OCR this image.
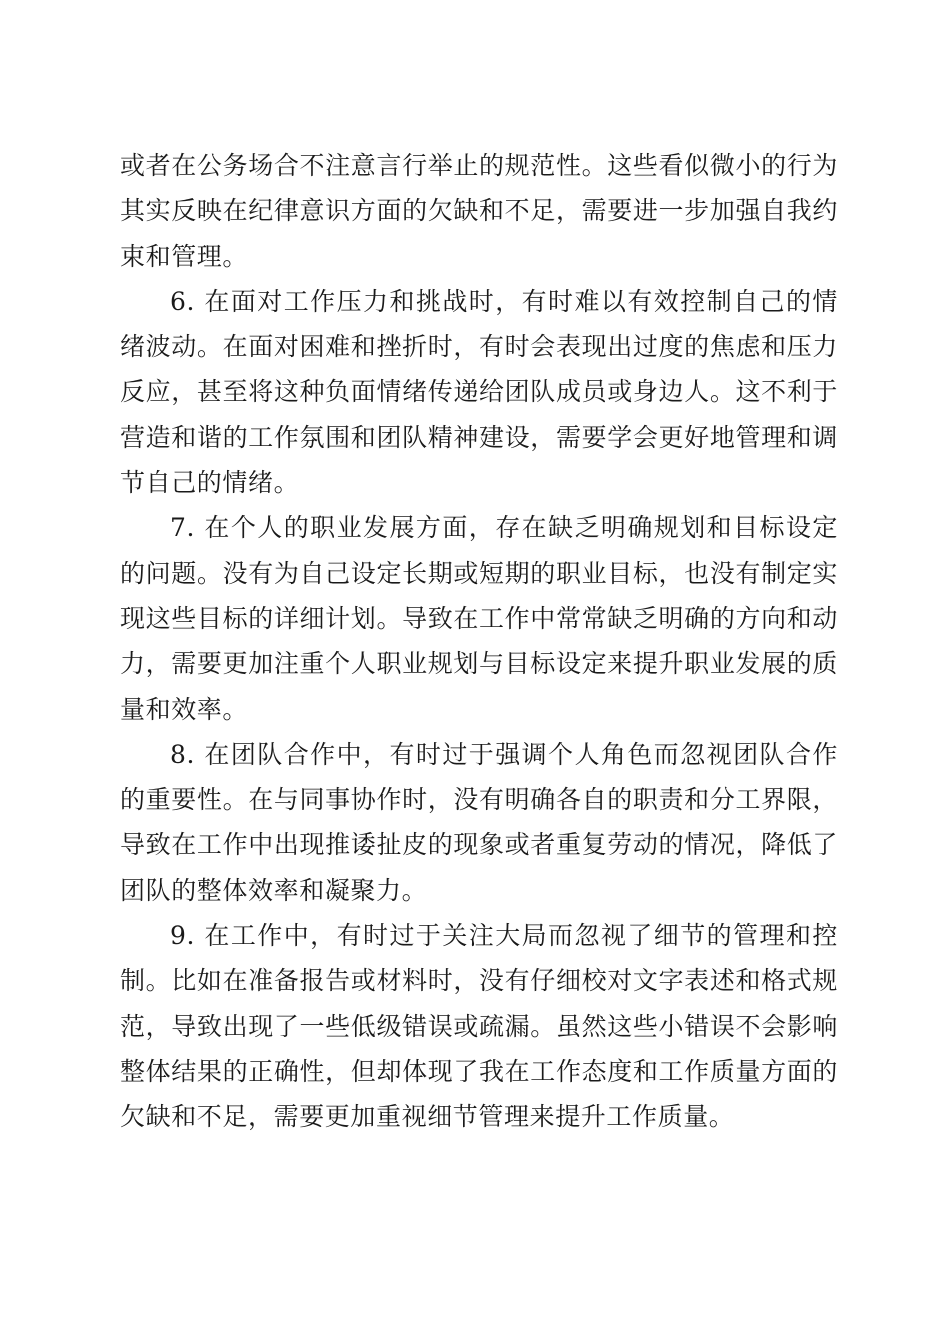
或者在公务场合不注意言行举止的规范性。这些看似微小的行为其实反映在纪律意识方面的欠缺和不足，需要进一步加强自我约束和管理。

6. 在面对工作压力和挑战时，有时难以有效控制自己的情绪波动。在面对困难和挫折时，有时会表现出过度的焦虑和压力反应，甚至将这种负面情绪传递给团队成员或身边人。这不利于营造和谐的工作氛围和团队精神建设，需要学会更好地管理和调节自己的情绪。

7. 在个人的职业发展方面，存在缺乏明确规划和目标设定的问题。没有为自己设定长期或短期的职业目标，也没有制定实现这些目标的详细计划。导致在工作中常常缺乏明确的方向和动力，需要更加注重个人职业规划与目标设定来提升职业发展的质量和效率。

8. 在团队合作中，有时过于强调个人角色而忽视团队合作的重要性。在与同事协作时，没有明确各自的职责和分工界限，导致在工作中出现推诿扯皮的现象或者重复劳动的情况，降低了团队的整体效率和凝聚力。

9. 在工作中，有时过于关注大局而忽视了细节的管理和控制。比如在准备报告或材料时，没有仔细校对文字表述和格式规范，导致出现了一些低级错误或疏漏。虽然这些小错误不会影响整体结果的正确性，但却体现了我在工作态度和工作质量方面的欠缺和不足，需要更加重视细节管理来提升工作质量。
